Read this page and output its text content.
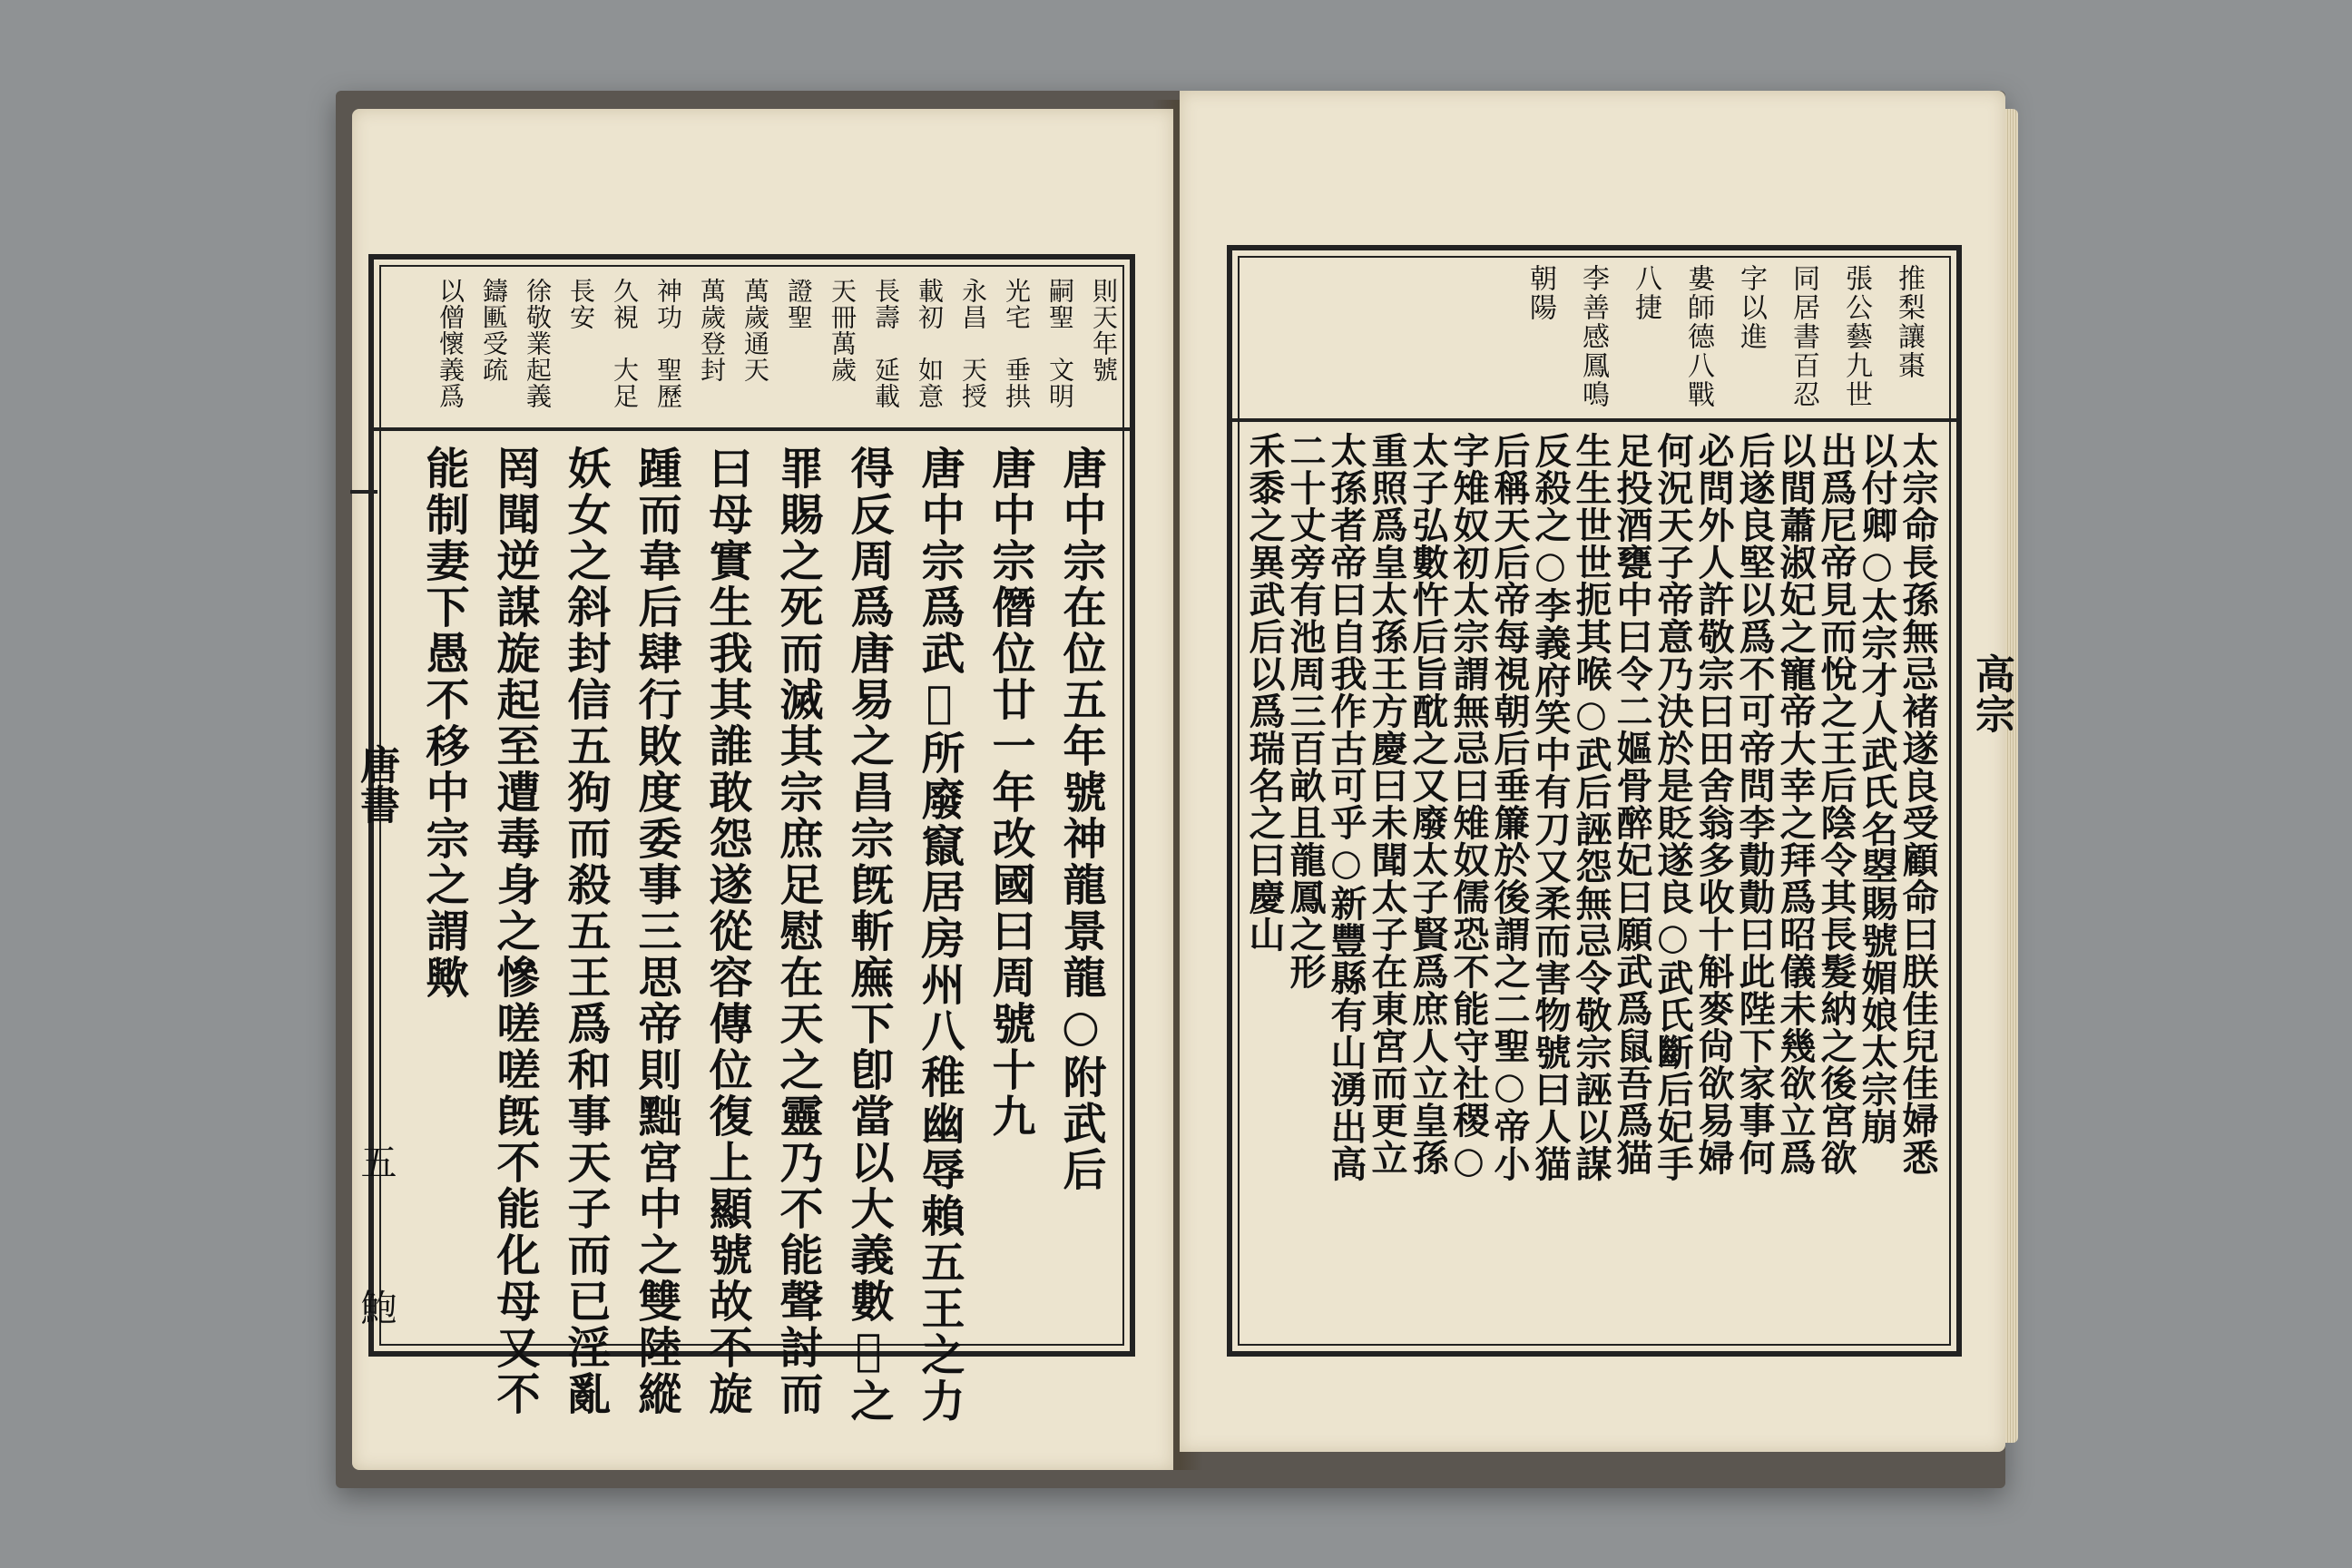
則天年號
嗣聖　文明
光宅　垂拱
永昌　天授
載初　如意
長壽　延載
天冊萬歲
證聖
萬歲通天
萬歲登封
神功　聖歷
久視　大足
長安
徐敬業起義
鑄匭受疏
以僧懷義爲
唐中宗在位五年號神龍景龍○附武后
唐中宗僭位廿一年改國曰周號十九
唐中宗爲武𭌐所廢竄居房州八稚幽辱賴五王之力
得反周爲唐易之昌宗旣斬廡下卽當以大義數𭌐之
罪賜之死而滅其宗庶足慰在天之靈乃不能聲討而
曰母實生我其誰敢怨遂從容傳位復上顯號故不旋
踵而韋后肆行敗度委事三思帝則黜宮中之雙陸縱
妖女之斜封信五狗而殺五王爲和事天子而已淫亂
罔聞逆謀旋起至遭毒身之慘嗟嗟旣不能化母又不
能制妻下愚不移中宗之謂歟
唐書
五
鮑
推梨讓棗
張公藝九世
同居書百忍
字以進
婁師德八戰
八捷
李善感鳳鳴
朝陽
太宗命長孫無忌褚遂良受顧命曰朕佳兒佳婦悉
以付卿○太宗才人武氏名曌賜號媚娘太宗崩
出爲尼帝見而悅之王后陰令其長髮納之後宮欲
以間蕭淑妃之寵帝大幸之拜爲昭儀未幾欲立爲
后遂良堅以爲不可帝問李勣勣曰此陛下家事何
必問外人許敬宗曰田舍翁多收十斛麥尙欲易婦
何況天子帝意乃決於是貶遂良○武氏斷后妃手
足投酒甕中曰令二嫗骨醉妃曰願武爲鼠吾爲猫
生生世世扼其喉○武后誣怨無忌令敬宗誣以謀
反殺之○李義府笑中有刀又柔而害物號曰人猫
后稱天后帝每視朝后垂簾於後謂之二聖○帝小
字雉奴初太宗謂無忌曰雉奴儒恐不能守社稷○
太子弘數忤后旨酖之又廢太子賢爲庶人立皇孫
重照爲皇太孫王方慶曰未聞太子在東宮而更立
太孫者帝曰自我作古可乎○新豐縣有山湧出高
二十丈旁有池周三百畝且龍鳳之形
禾黍之異武后以爲瑞名之曰慶山	高宗
